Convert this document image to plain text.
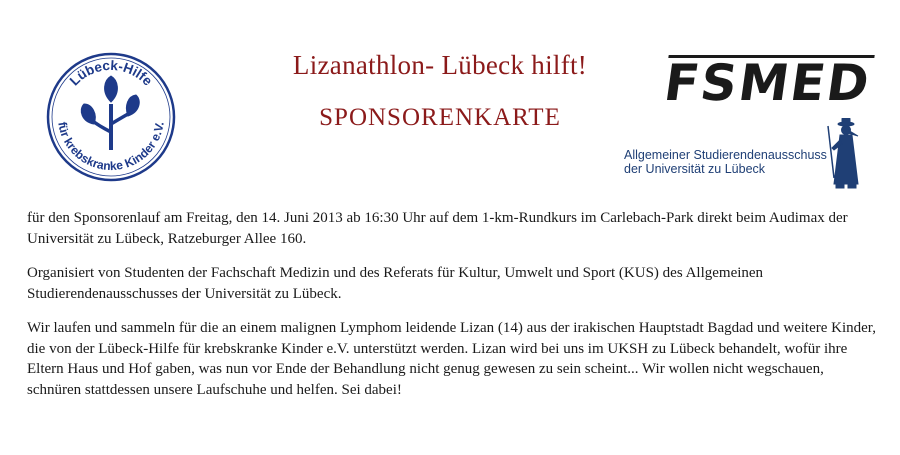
Lübeck-Hilfe
für krebskranke Kinder e.V.
Lizanathlon- Lübeck hilft!
SPONSORENKARTE
FSMED
Allgemeiner Studierendenausschuss
der Universität zu Lübeck

für den Sponsorenlauf am Freitag, den 14. Juni 2013 ab 16:30 Uhr auf dem 1-km-Rundkurs im Carlebach-Park direkt beim Audimax der Universität zu Lübeck, Ratzeburger Allee 160.

Organisiert von Studenten der Fachschaft Medizin und des Referats für Kultur, Umwelt und Sport (KUS) des Allgemeinen Studierendenausschusses der Universität zu Lübeck.

Wir laufen und sammeln für die an einem malignen Lymphom leidende Lizan (14) aus der irakischen Hauptstadt Bagdad und weitere Kinder, die von der Lübeck-Hilfe für krebskranke Kinder e.V. unterstützt werden. Lizan wird bei uns im UKSH zu Lübeck behandelt, wofür ihre Eltern Haus und Hof gaben, was nun vor Ende der Behandlung nicht genug gewesen zu sein scheint... Wir wollen nicht wegschauen, schnüren stattdessen unsere Laufschuhe und helfen. Sei dabei!
